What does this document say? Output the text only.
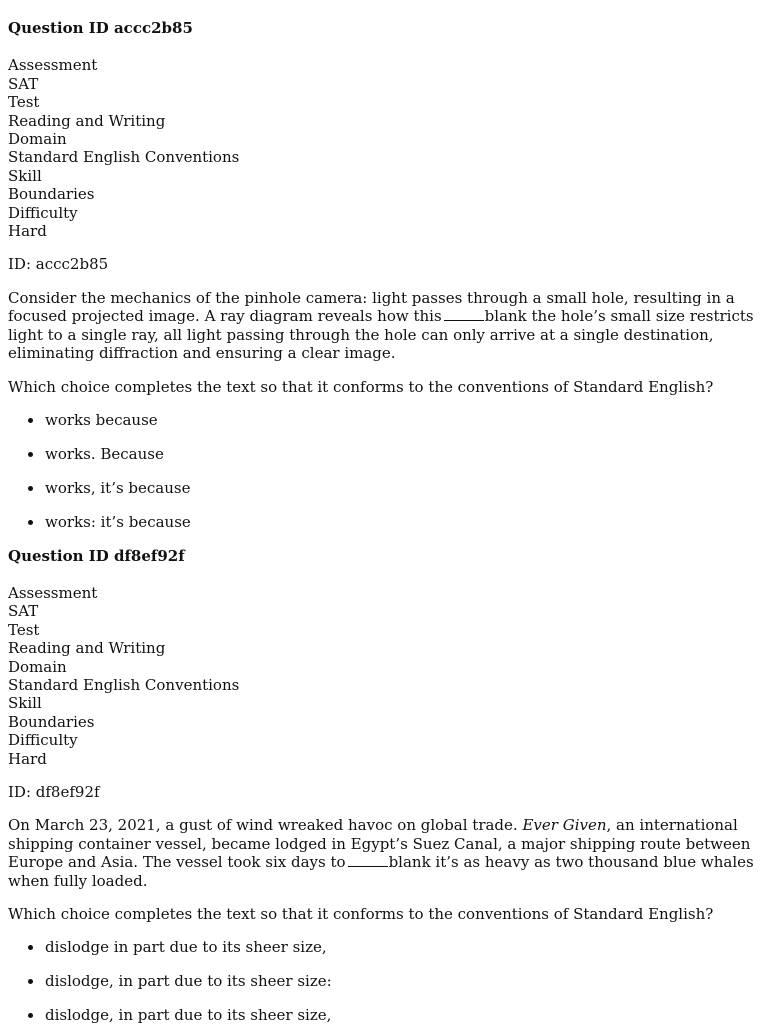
Question ID accc2b85
Assessment
SAT
Test
Reading and Writing
Domain
Standard English Conventions
Skill
Boundaries
Difficulty
Hard
ID: accc2b85

Consider the mechanics of the pinhole camera: light passes through a small hole, resulting in a focused projected image. A ray diagram reveals how this	blank the hole’s small size restricts light to a single ray, all light passing through the hole can only arrive at a single destination, eliminating diffraction and ensuring a clear image.

Which choice completes the text so that it conforms to the conventions of Standard English?

works because
works. Because
works, it’s because
works: it’s because
Question ID df8ef92f
Assessment
SAT
Test
Reading and Writing
Domain
Standard English Conventions
Skill
Boundaries
Difficulty
Hard
ID: df8ef92f

On March 23, 2021, a gust of wind wreaked havoc on global trade. Ever Given, an international shipping container vessel, became lodged in Egypt’s Suez Canal, a major shipping route between Europe and Asia. The vessel took six days to	blank it’s as heavy as two thousand blue whales when fully loaded.

Which choice completes the text so that it conforms to the conventions of Standard English?

dislodge in part due to its sheer size,
dislodge, in part due to its sheer size:
dislodge, in part due to its sheer size,
